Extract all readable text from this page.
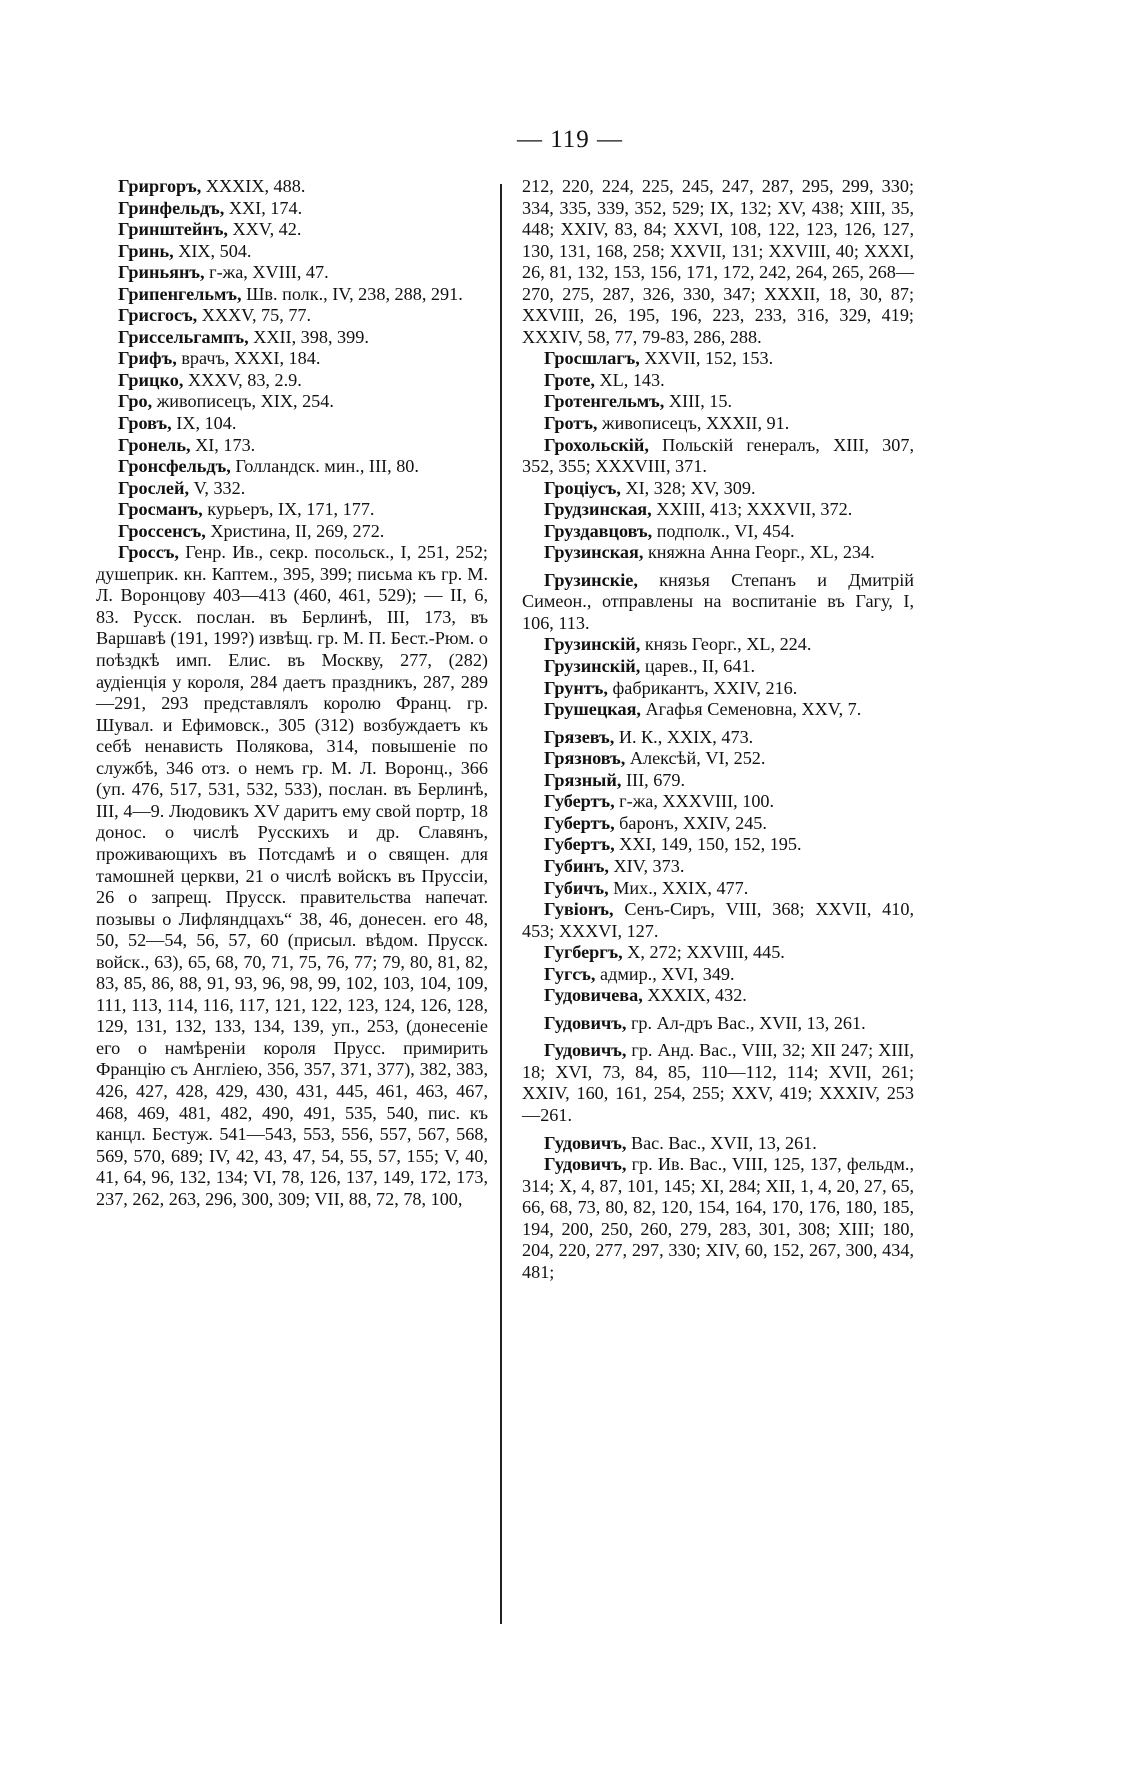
— 119 —

Гриргоръ, XXXIX, 488.

Гринфельдъ, XXI, 174.

Гринштейнъ, XXV, 42.

Гринь, XIX, 504.

Гриньянъ, г-жа, XVIII, 47.

Грипенгельмъ, Шв. полк., IV, 238, 288, 291.

Грисгосъ, XXXV, 75, 77.

Гриссельгампъ, XXII, 398, 399.

Грифъ, врачъ, XXXI, 184.

Грицко, XXXV, 83, 2.9.

Гро, живописецъ, XIX, 254.

Гровъ, IX, 104.

Гронель, XI, 173.

Гронсфельдъ, Голландск. мин., III, 80.

Грослей, V, 332.

Гросманъ, курьеръ, IX, 171, 177.

Гроссенсъ, Христина, II, 269, 272.

Гроссъ, Генр. Ив., секр. посольск., I, 251, 252; душеприк. кн. Каптем., 395, 399; письма къ гр. М. Л. Воронцову 403—413 (460, 461, 529); — II, 6, 83. Русск. послан. въ Берлинѣ, III, 173, въ Варшавѣ (191, 199?) извѣщ. гр. М. П. Бест.-Рюм. о поѣздкѣ имп. Елис. въ Москву, 277, (282) аудіенція у короля, 284 даетъ праздникъ, 287, 289—291, 293 представлялъ королю Франц. гр. Шувал. и Ефимовск., 305 (312) возбуждаетъ къ себѣ ненависть Полякова, 314, повышеніе по службѣ, 346 отз. о немъ гр. М. Л. Воронц., 366 (уп. 476, 517, 531, 532, 533), послан. въ Берлинѣ, III, 4—9. Людовикъ XV даритъ ему свой портр, 18 донос. о числѣ Русскихъ и др. Славянъ, проживающихъ въ Потсдамѣ и о священ. для тамошней церкви, 21 о числѣ войскъ въ Пруссіи, 26 о запрещ. Прусск. правительства напечат. позывы о Лифляндцахъ“ 38, 46, донесен. его 48, 50, 52—54, 56, 57, 60 (присыл. вѣдом. Прусск. войск., 63), 65, 68, 70, 71, 75, 76, 77; 79, 80, 81, 82, 83, 85, 86, 88, 91, 93, 96, 98, 99, 102, 103, 104, 109, 111, 113, 114, 116, 117, 121, 122, 123, 124, 126, 128, 129, 131, 132, 133, 134, 139, уп., 253, (донесеніе его о намѣреніи короля Прусс. примирить Францію съ Англіею, 356, 357, 371, 377), 382, 383, 426, 427, 428, 429, 430, 431, 445, 461, 463, 467, 468, 469, 481, 482, 490, 491, 535, 540, пис. къ канцл. Бестуж. 541—543, 553, 556, 557, 567, 568, 569, 570, 689; IV, 42, 43, 47, 54, 55, 57, 155; V, 40, 41, 64, 96, 132, 134; VI, 78, 126, 137, 149, 172, 173, 237, 262, 263, 296, 300, 309; VII, 88, 72, 78, 100,

212, 220, 224, 225, 245, 247, 287, 295, 299, 330; 334, 335, 339, 352, 529; IX, 132; XV, 438; XIII, 35, 448; XXIV, 83, 84; XXVI, 108, 122, 123, 126, 127, 130, 131, 168, 258; XXVII, 131; XXVIII, 40; XXXI, 26, 81, 132, 153, 156, 171, 172, 242, 264, 265, 268—270, 275, 287, 326, 330, 347; XXXII, 18, 30, 87; XXVIII, 26, 195, 196, 223, 233, 316, 329, 419; XXXIV, 58, 77, 79-83, 286, 288.

Гросшлагъ, XXVII, 152, 153.

Гроте, XL, 143.

Гротенгельмъ, XIII, 15.

Гротъ, живописецъ, XXXII, 91.

Грохольскій, Польскій генералъ, XIII, 307, 352, 355; XXXVIII, 371.

Гроціусъ, XI, 328; XV, 309.

Грудзинская, XXIII, 413; XXXVII, 372.

Груздавцовъ, подполк., VI, 454.

Грузинская, княжна Анна Георг., XL, 234.

Грузинскіе, князья Степанъ и Дмитрій Симеон., отправлены на воспитаніе въ Гагу, I, 106, 113.

Грузинскій, князь Георг., XL, 224.

Грузинскій, царев., II, 641.

Грунтъ, фабрикантъ, XXIV, 216.

Грушецкая, Агафья Семеновна, XXV, 7.

Грязевъ, И. К., XXIX, 473.

Грязновъ, Алексѣй, VI, 252.

Грязный, III, 679.

Губертъ, г-жа, XXXVIII, 100.

Губертъ, баронъ, XXIV, 245.

Губертъ, XXI, 149, 150, 152, 195.

Губинъ, XIV, 373.

Губичъ, Мих., XXIX, 477.

Гувіонъ, Сенъ-Сиръ, VIII, 368; XXVII, 410, 453; XXXVI, 127.

Гугбергъ, X, 272; XXVIII, 445.

Гугсъ, адмир., XVI, 349.

Гудовичева, XXXIX, 432.

Гудовичъ, гр. Ал-дръ Вас., XVII, 13, 261.

Гудовичъ, гр. Анд. Вас., VIII, 32; XII 247; XIII, 18; XVI, 73, 84, 85, 110—112, 114; XVII, 261; XXIV, 160, 161, 254, 255; XXV, 419; XXXIV, 253—261.

Гудовичъ, Вас. Вас., XVII, 13, 261.

Гудовичъ, гр. Ив. Вас., VIII, 125, 137, фельдм., 314; X, 4, 87, 101, 145; XI, 284; XII, 1, 4, 20, 27, 65, 66, 68, 73, 80, 82, 120, 154, 164, 170, 176, 180, 185, 194, 200, 250, 260, 279, 283, 301, 308; XIII; 180, 204, 220, 277, 297, 330; XIV, 60, 152, 267, 300, 434, 481;
